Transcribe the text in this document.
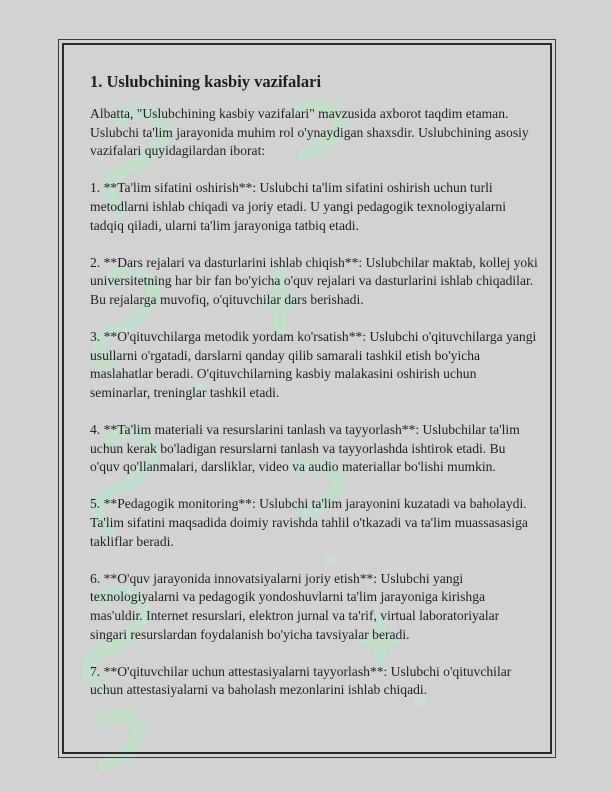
1. Uslubchining kasbiy vazifalari

Albatta, "Uslubchining kasbiy vazifalari" mavzusida axborot taqdim etaman. Uslubchi ta'lim jarayonida muhim rol o'ynaydigan shaxsdir. Uslubchining asosiy vazifalari quyidagilardan iborat:

1. **Ta'lim sifatini oshirish**: Uslubchi ta'lim sifatini oshirish uchun turli metodlarni ishlab chiqadi va joriy etadi. U yangi pedagogik texnologiyalarni tadqiq qiladi, ularni ta'lim jarayoniga tatbiq etadi.

2. **Dars rejalari va dasturlarini ishlab chiqish**: Uslubchilar maktab, kollej yoki universitetning har bir fan bo'yicha o'quv rejalari va dasturlarini ishlab chiqadilar. Bu rejalarga muvofiq, o'qituvchilar dars berishadi.

3. **O'qituvchilarga metodik yordam ko'rsatish**: Uslubchi o'qituvchilarga yangi usullarni o'rgatadi, darslarni qanday qilib samarali tashkil etish bo'yicha maslahatlar beradi. O'qituvchilarning kasbiy malakasini oshirish uchun seminarlar, treninglar tashkil etadi.

4. **Ta'lim materiali va resurslarini tanlash va tayyorlash**: Uslubchilar ta'lim uchun kerak bo'ladigan resurslarni tanlash va tayyorlashda ishtirok etadi. Bu o'quv qo'llanmalari, darsliklar, video va audio materiallar bo'lishi mumkin.

5. **Pedagogik monitoring**: Uslubchi ta'lim jarayonini kuzatadi va baholaydi. Ta'lim sifatini maqsadida doimiy ravishda tahlil o'tkazadi va ta'lim muassasasiga takliflar beradi.

6. **O'quv jarayonida innovatsiyalarni joriy etish**: Uslubchi yangi texnologiyalarni va pedagogik yondoshuvlarni ta'lim jarayoniga kirishga mas'uldir. Internet resurslari, elektron jurnal va ta'rif, virtual laboratoriyalar singari resurslardan foydalanish bo'yicha tavsiyalar beradi.

7. **O'qituvchilar uchun attestasiyalarni tayyorlash**: Uslubchi o'qituvchilar uchun attestasiyalarni va baholash mezonlarini ishlab chiqadi.
